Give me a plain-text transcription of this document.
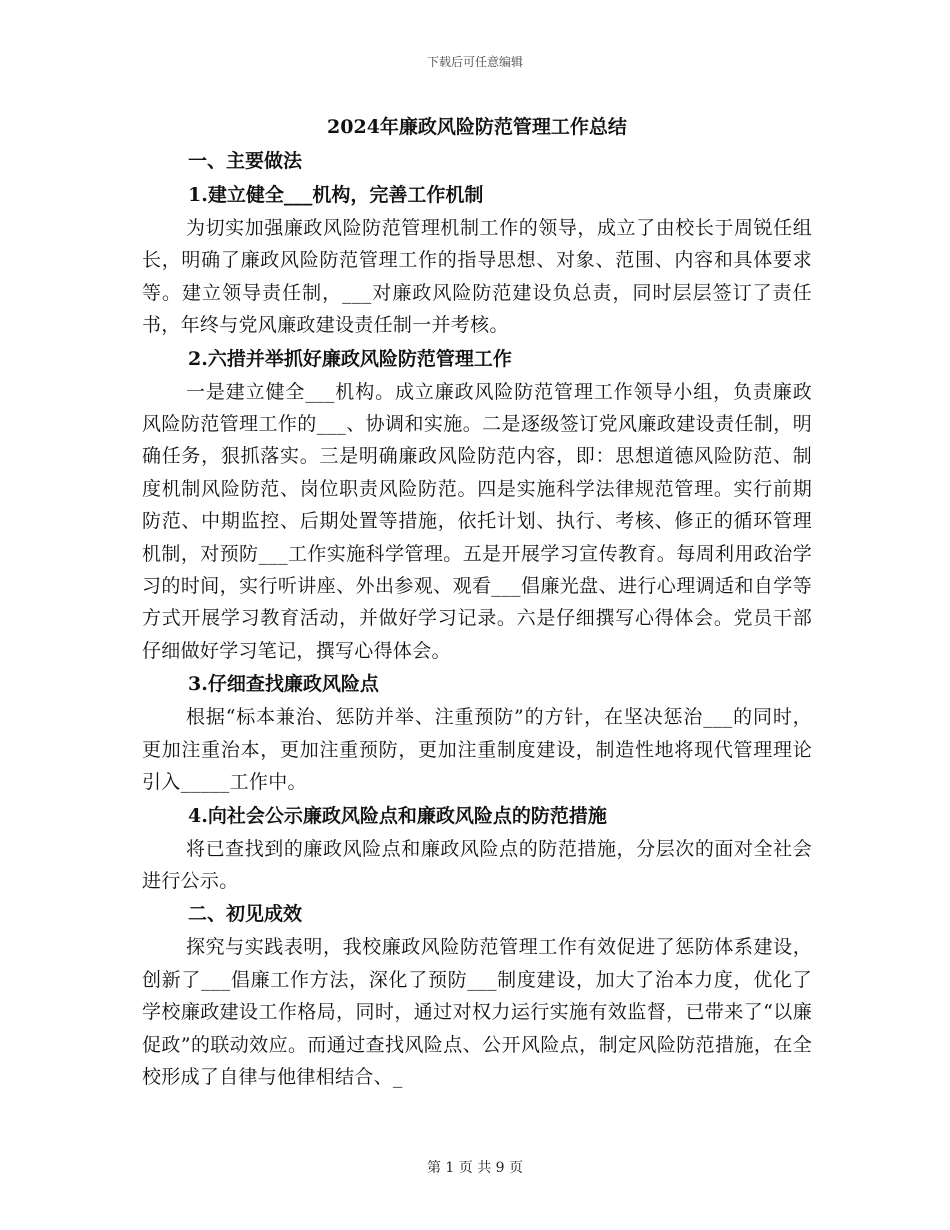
下载后可任意编辑
2024年廉政风险防范管理工作总结
一、主要做法
1.建立健全___机构，完善工作机制

为切实加强廉政风险防范管理机制工作的领导，成立了由校长于周锐任组长，明确了廉政风险防范管理工作的指导思想、对象、范围、内容和具体要求等。建立领导责任制，___对廉政风险防范建设负总责，同时层层签订了责任书，年终与党风廉政建设责任制一并考核。

2.六措并举抓好廉政风险防范管理工作

一是建立健全___机构。成立廉政风险防范管理工作领导小组，负责廉政风险防范管理工作的___、协调和实施。二是逐级签订党风廉政建设责任制，明确任务，狠抓落实。三是明确廉政风险防范内容，即：思想道德风险防范、制度机制风险防范、岗位职责风险防范。四是实施科学法律规范管理。实行前期防范、中期监控、后期处置等措施，依托计划、执行、考核、修正的循环管理机制，对预防___工作实施科学管理。五是开展学习宣传教育。每周利用政治学习的时间，实行听讲座、外出参观、观看___倡廉光盘、进行心理调适和自学等方式开展学习教育活动，并做好学习记录。六是仔细撰写心得体会。党员干部仔细做好学习笔记，撰写心得体会。

3.仔细查找廉政风险点

根据“标本兼治、惩防并举、注重预防”的方针，在坚决惩治___的同时，更加注重治本，更加注重预防，更加注重制度建设，制造性地将现代管理理论引入_____工作中。

4.向社会公示廉政风险点和廉政风险点的防范措施

将已查找到的廉政风险点和廉政风险点的防范措施，分层次的面对全社会进行公示。

二、初见成效

探究与实践表明，我校廉政风险防范管理工作有效促进了惩防体系建设，创新了___倡廉工作方法，深化了预防___制度建设，加大了治本力度，优化了学校廉政建设工作格局，同时，通过对权力运行实施有效监督，已带来了“以廉促政”的联动效应。而通过查找风险点、公开风险点，制定风险防范措施，在全校形成了自律与他律相结合、_

第 1 页 共 9 页
